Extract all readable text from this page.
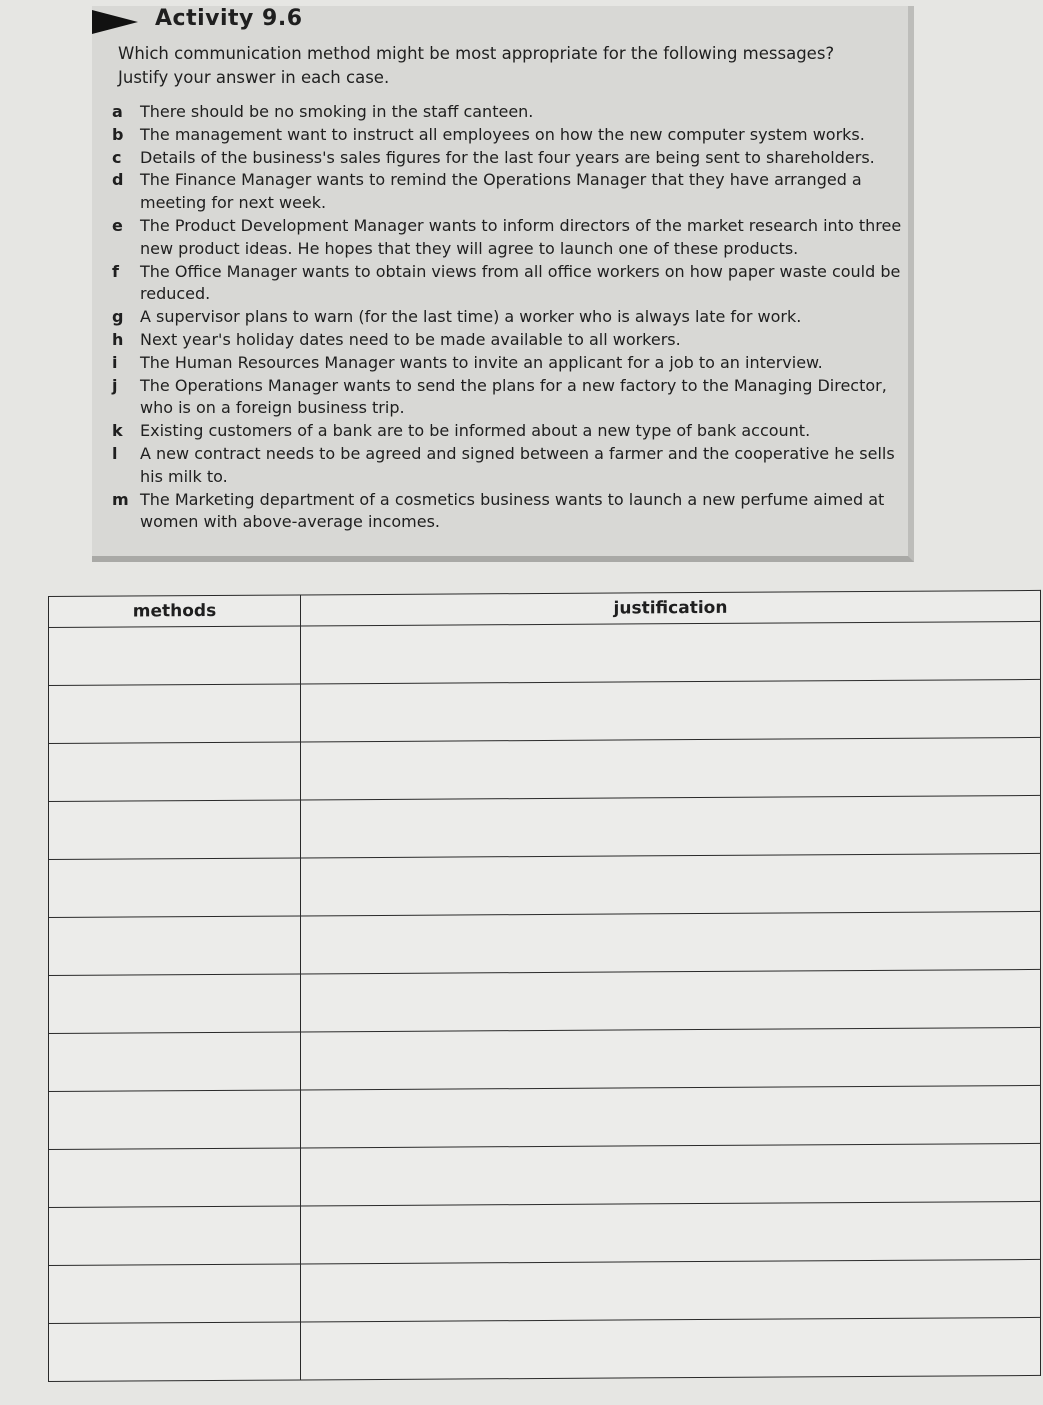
Activity 9.6
Which communication method might be most appropriate for the following messages?
Justify your answer in each case.
a	There should be no smoking in the staff canteen.
b	The management want to instruct all employees on how the new computer system works.
c	Details of the business's sales figures for the last four years are being sent to shareholders.
d	The Finance Manager wants to remind the Operations Manager that they have arranged a meeting for next week.
e	The Product Development Manager wants to inform directors of the market research into three new product ideas. He hopes that they will agree to launch one of these products.
f	The Office Manager wants to obtain views from all office workers on how paper waste could be reduced.
g	A supervisor plans to warn (for the last time) a worker who is always late for work.
h	Next year's holiday dates need to be made available to all workers.
i	The Human Resources Manager wants to invite an applicant for a job to an interview.
j	The Operations Manager wants to send the plans for a new factory to the Managing Director, who is on a foreign business trip.
k	Existing customers of a bank are to be informed about a new type of bank account.
l	A new contract needs to be agreed and signed between a farmer and the cooperative he sells his milk to.
m The Marketing department of a cosmetics business wants to launch a new perfume aimed at women with above-average incomes.
methods	justification
